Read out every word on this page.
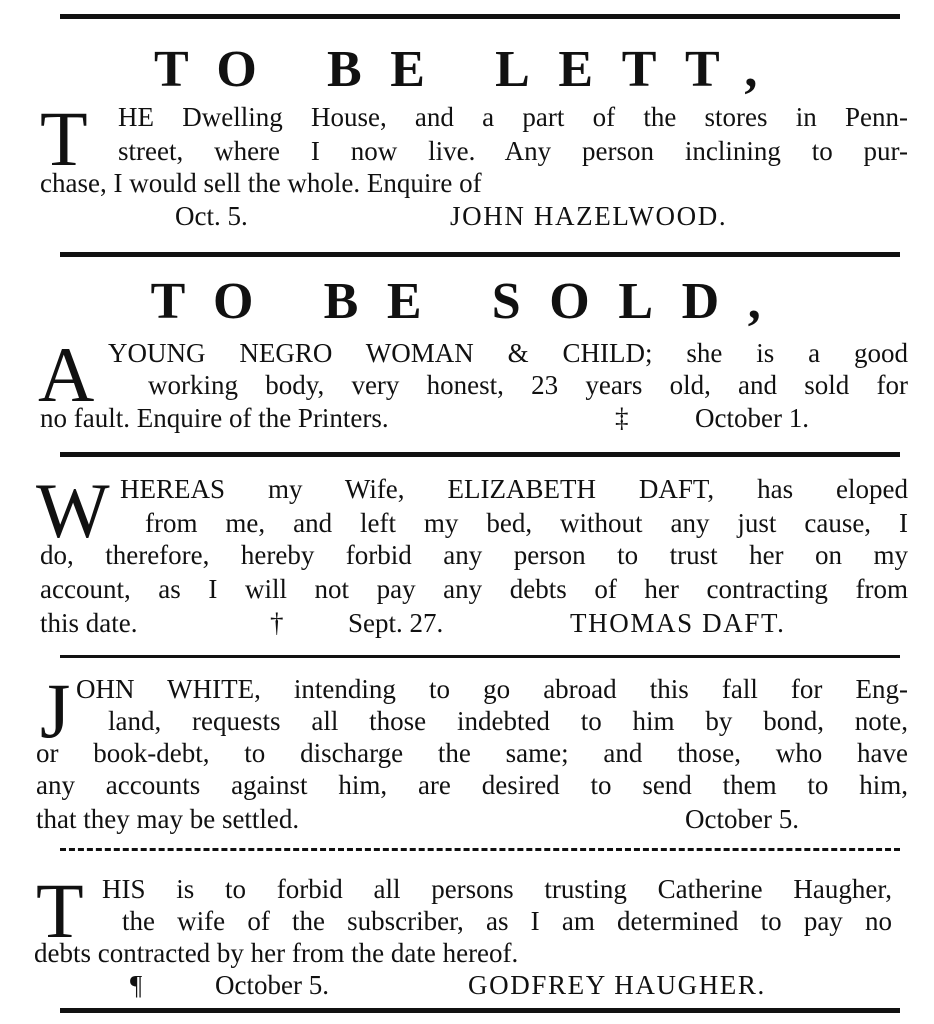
TO BE LETT,
T HE Dwelling House, and a part of the stores in Penn-
street, where I now live. Any person inclining to pur-
chase, I would sell the whole. Enquire of
Oct. 5.	JOHN HAZELWOOD.
TO BE SOLD,
A YOUNG NEGRO WOMAN & CHILD; she is a good
working body, very honest, 23 years old, and sold for
no fault. Enquire of the Printers.	‡ October 1.
W HEREAS my Wife, ELIZABETH DAFT, has eloped
from me, and left my bed, without any just cause, I
do, therefore, hereby forbid any person to trust her on my
account, as I will not pay any debts of her contracting from
this date.	† Sept. 27.	THOMAS DAFT.
J OHN WHITE, intending to go abroad this fall for Eng-
land, requests all those indebted to him by bond, note,
or book-debt, to discharge the same; and those, who have
any accounts against him, are desired to send them to him,
that they may be settled.	October 5.
T HIS is to forbid all persons trusting Catherine Haugher,
the wife of the subscriber, as I am determined to pay no
debts contracted by her from the date hereof.
¶	October 5.	GODFREY HAUGHER.
